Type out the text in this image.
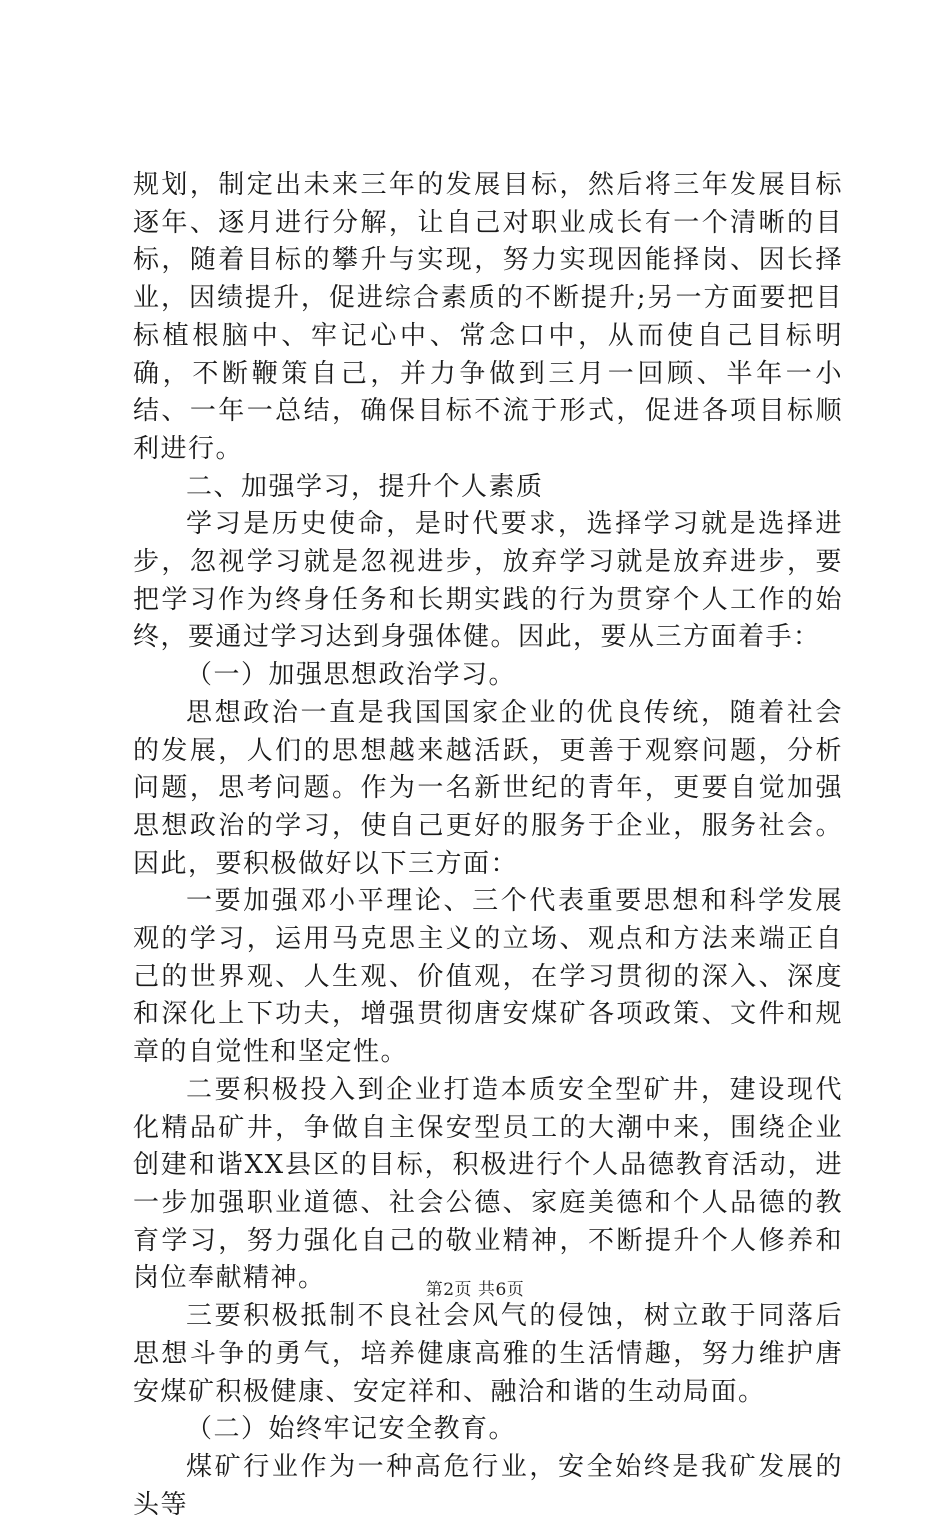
规划，制定出未来三年的发展目标，然后将三年发展目标逐年、逐月进行分解，让自己对职业成长有一个清晰的目标，随着目标的攀升与实现，努力实现因能择岗、因长择业，因绩提升，促进综合素质的不断提升;另一方面要把目标植根脑中、牢记心中、常念口中，从而使自己目标明确，不断鞭策自己，并力争做到三月一回顾、半年一小结、一年一总结，确保目标不流于形式，促进各项目标顺利进行。

二、加强学习，提升个人素质

学习是历史使命，是时代要求，选择学习就是选择进步，忽视学习就是忽视进步，放弃学习就是放弃进步，要把学习作为终身任务和长期实践的行为贯穿个人工作的始终，要通过学习达到身强体健。因此，要从三方面着手：

（一）加强思想政治学习。

思想政治一直是我国国家企业的优良传统，随着社会的发展，人们的思想越来越活跃，更善于观察问题，分析问题，思考问题。作为一名新世纪的青年，更要自觉加强思想政治的学习，使自己更好的服务于企业，服务社会。因此，要积极做好以下三方面：

一要加强邓小平理论、三个代表重要思想和科学发展观的学习，运用马克思主义的立场、观点和方法来端正自己的世界观、人生观、价值观，在学习贯彻的深入、深度和深化上下功夫，增强贯彻唐安煤矿各项政策、文件和规章的自觉性和坚定性。

二要积极投入到企业打造本质安全型矿井，建设现代化精品矿井，争做自主保安型员工的大潮中来，围绕企业创建和谐XX县区的目标，积极进行个人品德教育活动，进一步加强职业道德、社会公德、家庭美德和个人品德的教育学习，努力强化自己的敬业精神，不断提升个人修养和岗位奉献精神。

三要积极抵制不良社会风气的侵蚀，树立敢于同落后思想斗争的勇气，培养健康高雅的生活情趣，努力维护唐安煤矿积极健康、安定祥和、融洽和谐的生动局面。

（二）始终牢记安全教育。

煤矿行业作为一种高危行业，安全始终是我矿发展的头等

第2页 共6页
